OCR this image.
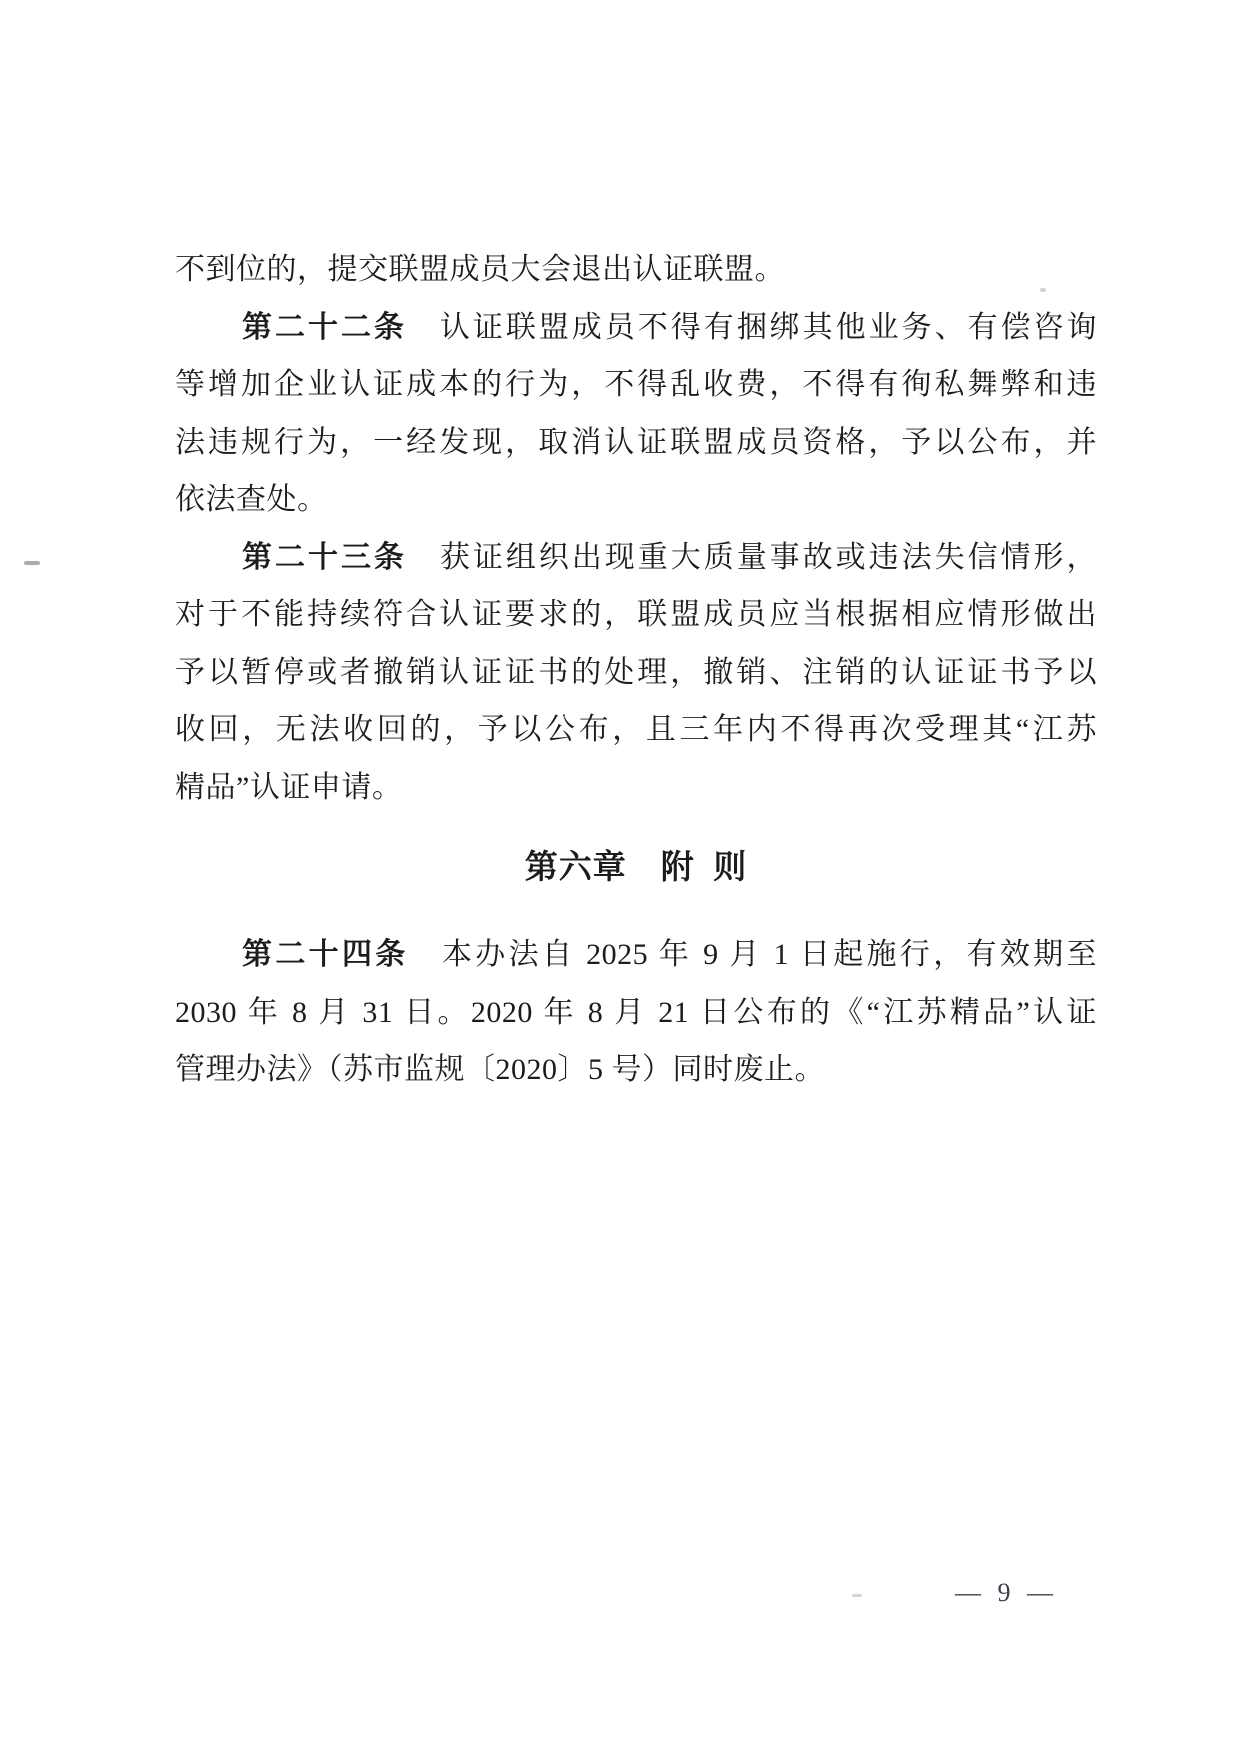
不到位的，提交联盟成员大会退出认证联盟。
第二十二条　认证联盟成员不得有捆绑其他业务、有偿咨询
等增加企业认证成本的行为，不得乱收费，不得有徇私舞弊和违
法违规行为，一经发现，取消认证联盟成员资格，予以公布，并
依法查处。
第二十三条　获证组织出现重大质量事故或违法失信情形，
对于不能持续符合认证要求的，联盟成员应当根据相应情形做出
予以暂停或者撤销认证证书的处理，撤销、注销的认证证书予以
收回，无法收回的，予以公布，且三年内不得再次受理其“江苏
精品”认证申请。
第六章　附  则
第二十四条　本办法自 2025 年 9 月 1 日起施行，有效期至
2030 年 8 月 31 日。2020 年 8 月 21 日公布的《“江苏精品”认证
管理办法》（苏市监规〔2020〕5 号）同时废止。
— 9 —
